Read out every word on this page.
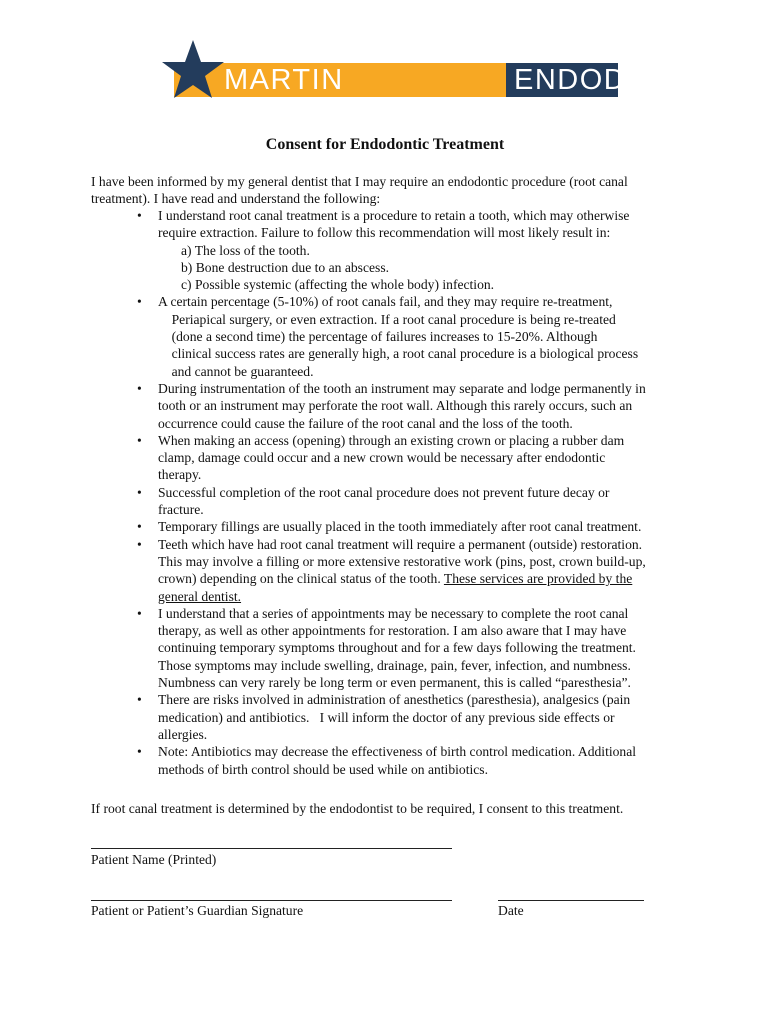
MARTIN	ENDODONTICS
Consent for Endodontic Treatment
I have been informed by my general dentist that I may require an endodontic procedure (root canal
treatment). I have read and understand the following:
• I understand root canal treatment is a procedure to retain a tooth, which may otherwise
require extraction. Failure to follow this recommendation will most likely result in:
a) The loss of the tooth.
b) Bone destruction due to an abscess.
c) Possible systemic (affecting the whole body) infection.
• A certain percentage (5-10%) of root canals fail, and they may require re-treatment,
Periapical surgery, or even extraction. If a root canal procedure is being re-treated
(done a second time) the percentage of failures increases to 15-20%. Although
clinical success rates are generally high, a root canal procedure is a biological process
and cannot be guaranteed.
• During instrumentation of the tooth an instrument may separate and lodge permanently in
tooth or an instrument may perforate the root wall. Although this rarely occurs, such an
occurrence could cause the failure of the root canal and the loss of the tooth.
• When making an access (opening) through an existing crown or placing a rubber dam
clamp, damage could occur and a new crown would be necessary after endodontic
therapy.
• Successful completion of the root canal procedure does not prevent future decay or
fracture.
• Temporary fillings are usually placed in the tooth immediately after root canal treatment.
• Teeth which have had root canal treatment will require a permanent (outside) restoration.
This may involve a filling or more extensive restorative work (pins, post, crown build-up,
crown) depending on the clinical status of the tooth. These services are provided by the
general dentist.
• I understand that a series of appointments may be necessary to complete the root canal
therapy, as well as other appointments for restoration. I am also aware that I may have
continuing temporary symptoms throughout and for a few days following the treatment.
Those symptoms may include swelling, drainage, pain, fever, infection, and numbness.
Numbness can very rarely be long term or even permanent, this is called “paresthesia”.
• There are risks involved in administration of anesthetics (paresthesia), analgesics (pain
medication) and antibiotics.   I will inform the doctor of any previous side effects or
allergies.
• Note: Antibiotics may decrease the effectiveness of birth control medication. Additional
methods of birth control should be used while on antibiotics.
If root canal treatment is determined by the endodontist to be required, I consent to this treatment.
Patient Name (Printed)
Patient or Patient’s Guardian Signature	Date
